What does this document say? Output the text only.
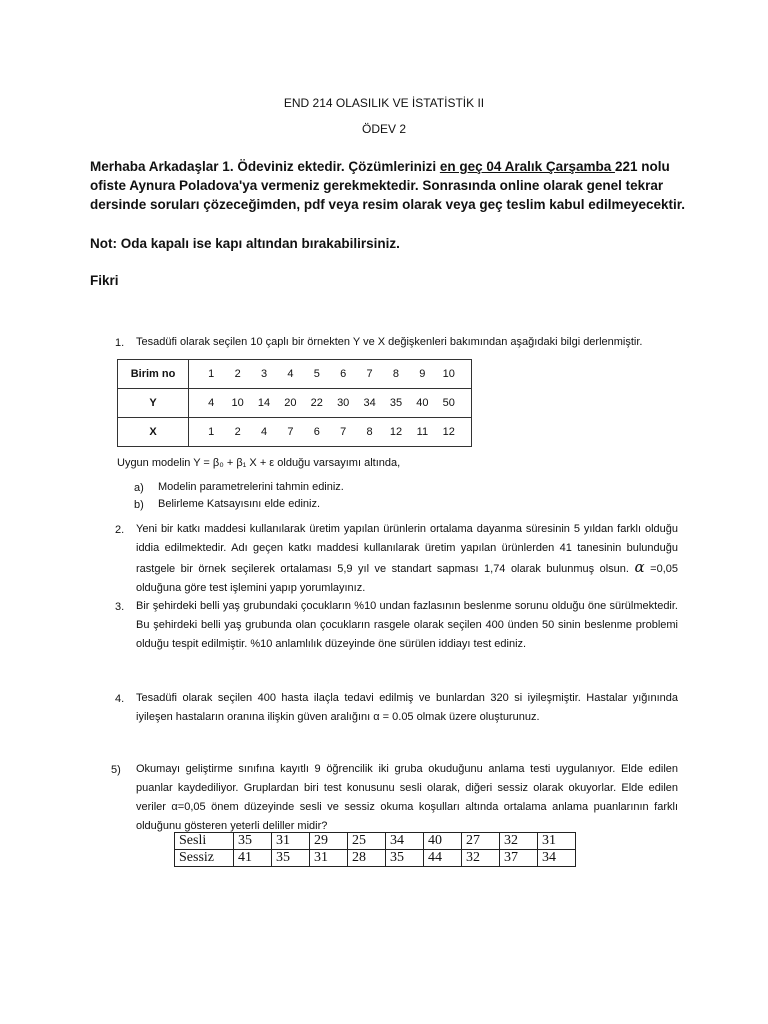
END 214 OLASILIK VE İSTATİSTİK II
ÖDEV 2
Merhaba Arkadaşlar 1. Ödeviniz ektedir. Çözümlerinizi en geç 04 Aralık Çarşamba 221 nolu ofiste Aynura Poladova'ya vermeniz gerekmektedir. Sonrasında online olarak genel tekrar dersinde soruları çözeceğimden, pdf veya resim olarak veya geç teslim kabul edilmeyecektir.
Not: Oda kapalı ise kapı altından bırakabilirsiniz.
Fikri
1. Tesadüfi olarak seçilen 10 çaplı bir örnekten Y ve X değişkenleri bakımından aşağıdaki bilgi derlenmiştir.
Birim no	1 2 3 4 5 6 7 8 9 10
Y	4 10 14 20 22 30 34 35 40 50
X	1 2 4 7 6 7 8 12 11 12
Uygun modelin Y = β₀ + β₁ X + ε olduğu varsayımı altında,
a) Modelin parametrelerini tahmin ediniz.
b) Belirleme Katsayısını elde ediniz.
2. Yeni bir katkı maddesi kullanılarak üretim yapılan ürünlerin ortalama dayanma süresinin 5 yıldan farklı olduğu iddia edilmektedir. Adı geçen katkı maddesi kullanılarak üretim yapılan ürünlerden 41 tanesinin bulunduğu rastgele bir örnek seçilerek ortalaması 5,9 yıl ve standart sapması 1,74 olarak bulunmuş olsun. α =0,05 olduğuna göre test işlemini yapıp yorumlayınız.
3. Bir şehirdeki belli yaş grubundaki çocukların %10 undan fazlasının beslenme sorunu olduğu öne sürülmektedir. Bu şehirdeki belli yaş grubunda olan çocukların rasgele olarak seçilen 400 ünden 50 sinin beslenme problemi olduğu tespit edilmiştir. %10 anlamlılık düzeyinde öne sürülen iddiayı test ediniz.
4. Tesadüfi olarak seçilen 400 hasta ilaçla tedavi edilmiş ve bunlardan 320 si iyileşmiştir. Hastalar yığınında iyileşen hastaların oranına ilişkin güven aralığını α = 0.05 olmak üzere oluşturunuz.
5) Okumayı geliştirme sınıfına kayıtlı 9 öğrencilik iki gruba okuduğunu anlama testi uygulanıyor. Elde edilen puanlar kaydediliyor. Gruplardan biri test konusunu sesli olarak, diğeri sessiz olarak okuyorlar. Elde edilen veriler α=0,05 önem düzeyinde sesli ve sessiz okuma koşulları altında ortalama anlama puanlarının farklı olduğunu gösteren yeterli deliller midir?
Sesli	35	31	29	25	34	40	27	32	31
Sessiz	41	35	31	28	35	44	32	37	34
